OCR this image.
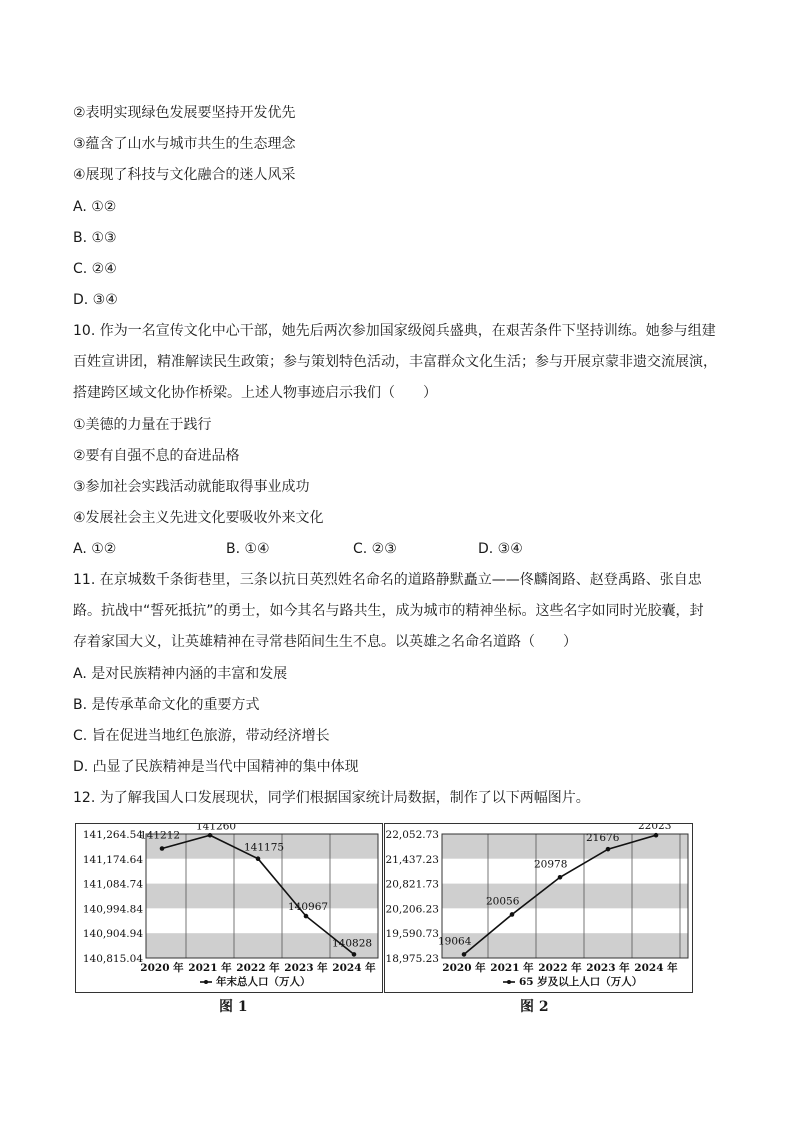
②表明实现绿色发展要坚持开发优先
③蕴含了山水与城市共生的生态理念
④展现了科技与文化融合的迷人风采
A. ①②
B. ①③
C. ②④
D. ③④
10. 作为一名宣传文化中心干部，她先后两次参加国家级阅兵盛典，在艰苦条件下坚持训练。她参与组建
百姓宣讲团，精准解读民生政策；参与策划特色活动，丰富群众文化生活；参与开展京蒙非遗交流展演，
搭建跨区域文化协作桥梁。上述人物事迹启示我们（　　）
①美德的力量在于践行
②要有自强不息的奋进品格
③参加社会实践活动就能取得事业成功
④发展社会主义先进文化要吸收外来文化
A. ①②	B. ①④	C. ②③	D. ③④
11. 在京城数千条街巷里，三条以抗日英烈姓名命名的道路静默矗立——佟麟阁路、赵登禹路、张自忠
路。抗战中“誓死抵抗”的勇士，如今其名与路共生，成为城市的精神坐标。这些名字如同时光胶囊，封
存着家国大义，让英雄精神在寻常巷陌间生生不息。以英雄之名命名道路（　　）
A. 是对民族精神内涵的丰富和发展
B. 是传承革命文化的重要方式
C. 旨在促进当地红色旅游，带动经济增长
D. 凸显了民族精神是当代中国精神的集中体现
12. 为了解我国人口发展现状，同学们根据国家统计局数据，制作了以下两幅图片。
141,264.54
141,174.64
141,084.74
140,994.84
140,904.94
140,815.04
2020 年 2021 年 2022 年 2023 年 2024 年
141212
141260
141175
140967
140828
年末总人口（万人）
图 1
22,052.73
21,437.23
20,821.73
20,206.23
19,590.73
18,975.23
2020 年 2021 年 2022 年 2023 年 2024 年
19064
20056
20978
21676
22023
65 岁及以上人口（万人）
图 2
